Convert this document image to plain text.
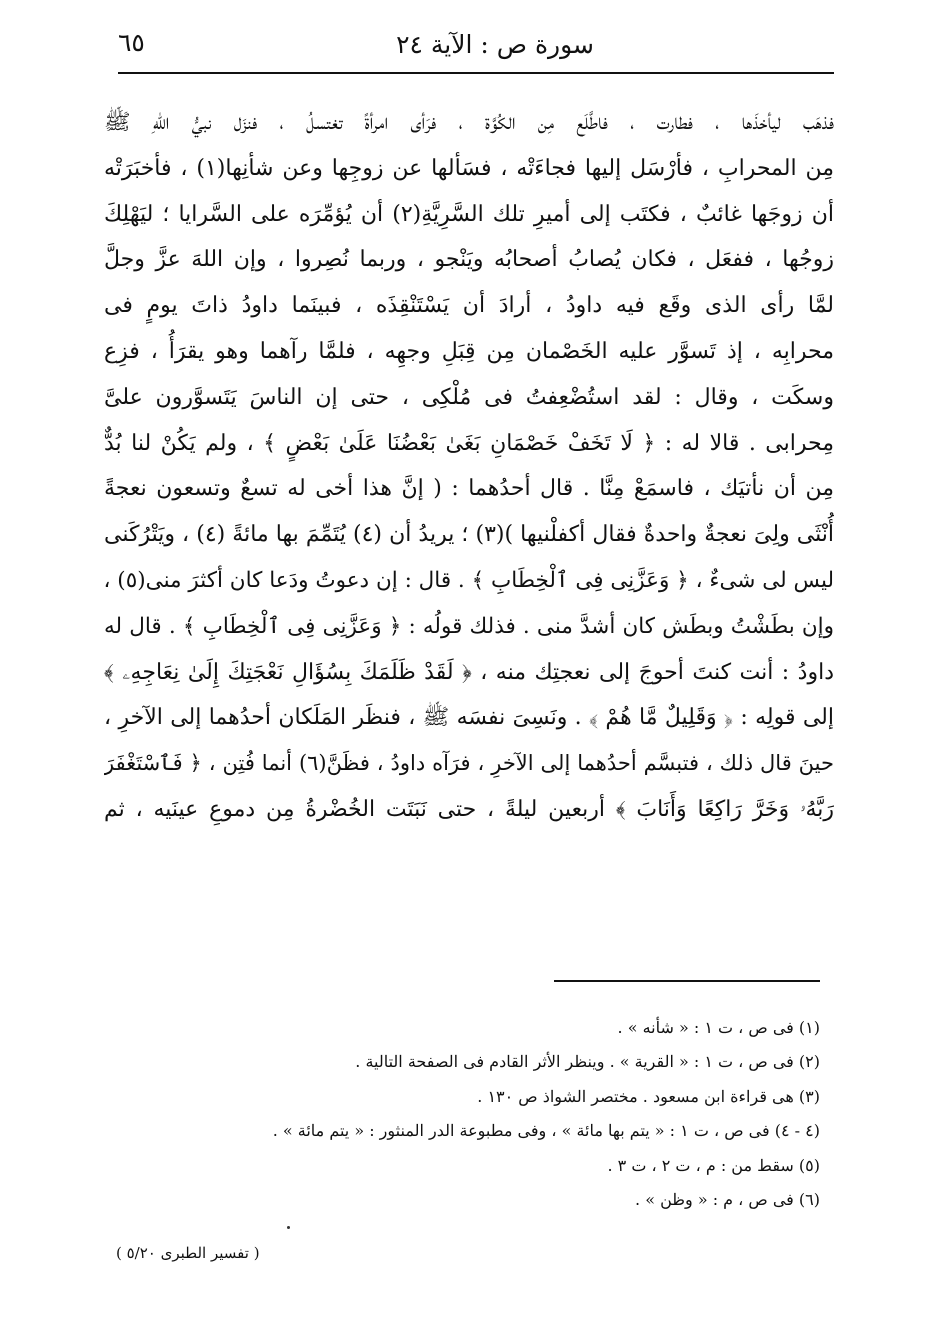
سورة ص : الآية ٢٤
٦٥
فذهَب ليأخذَها ، فطارت ، فاطَّلَع مِن الكُوَّة ، فرَأى امرأةً تغتسلُ ، فنزَل نبيُّ اللهِ ﷺ
مِن المحرابِ ، فأرْسَل إليها فجاءَتْه ، فسَألها عن زوجِها وعن شأنِها(١) ، فأخبَرَتْه
أن زوجَها غائبٌ ، فكتَب إلى أميرِ تلك السَّرِيَّةِ(٢) أن يُؤمِّرَه على السَّرايا ؛ ليَهْلِكَ
زوجُها ، ففعَل ، فكان يُصابُ أصحابُه ويَنْجو ، وربما نُصِروا ، وإن اللهَ عزَّ وجلَّ
لمَّا رأى الذى وقَع فيه داودُ ، أرادَ أن يَسْتَنْقِذَه ، فبينَما داودُ ذاتَ يومٍ فى
محرابِه ، إذ تَسوَّر عليه الخَصْمان مِن قِبَلِ وجهِه ، فلمَّا رآهما وهو يقرَأُ ، فزِع
وسكَت ، وقال : لقد استُضْعِفتُ فى مُلْكِى ، حتى إن الناسَ يَتَسوَّرون علىَّ
مِحرابى . قالا له : ﴿ لَا تَخَفْ خَصْمَانِ بَغَىٰ بَعْضُنَا عَلَىٰ بَعْضٍ ﴾ ، ولم يَكُنْ لنا بُدٌّ
مِن أن نأتيَك ، فاسمَعْ مِنَّا . قال أحدُهما : ( إنَّ هذا أخى له تسعٌ وتسعون نعجةً
أُنْثَى ولِىَ نعجةٌ واحدةٌ فقال أكفلْنيها )(٣) ؛ يريدُ أن (٤) يُتَمِّمَ بها مائةً (٤) ، ويَتْرُكَنى
ليس لى شىءٌ ، ﴿ وَعَزَّنِى فِى ٱلْخِطَابِ ﴾ . قال : إن دعوتُ ودَعا كان أكثرَ منى(٥) ،
وإن بطَشْتُ وبطَش كان أشدَّ منى . فذلك قولُه : ﴿ وَعَزَّنِى فِى ٱلْخِطَابِ ﴾ . قال له
داودُ : أنت كنتَ أحوجَ إلى نعجتِك منه ، ﴿ لَقَدْ ظَلَمَكَ بِسُؤَالِ نَعْجَتِكَ إِلَىٰ نِعَاجِهِۦ ﴾
إلى قولِه : ﴿ وَقَلِيلٌ مَّا هُمْ ﴾ . ونَسِىَ نفسَه ﷺ ، فنظَر المَلَكان أحدُهما إلى الآخرِ ،
حينَ قال ذلك ، فتبسَّم أحدُهما إلى الآخرِ ، فرَآه داودُ ، فظَنَّ(٦) أنما فُتِن ، ﴿ فَٱسْتَغْفَرَ
رَبَّهُۥ وَخَرَّ رَاكِعًا وَأَنَابَ ﴾ أربعين ليلةً ، حتى نَبَتَت الخُضْرةُ مِن دموعِ عينَيه ، ثم
(١) فى ص ، ت ١ : « شأنه » .
(٢) فى ص ، ت ١ : « القرية » . وينظر الأثر القادم فى الصفحة التالية .
(٣) هى قراءة ابن مسعود . مختصر الشواذ ص ١٣٠ .
(٤ - ٤) فى ص ، ت ١ : « يتم بها مائة » ، وفى مطبوعة الدر المنثور : « يتم مائة » .
(٥) سقط من : م ، ت ٢ ، ت ٣ .
(٦) فى ص ، م : « وظن » .
( تفسير الطبرى ٥/٢٠ )
